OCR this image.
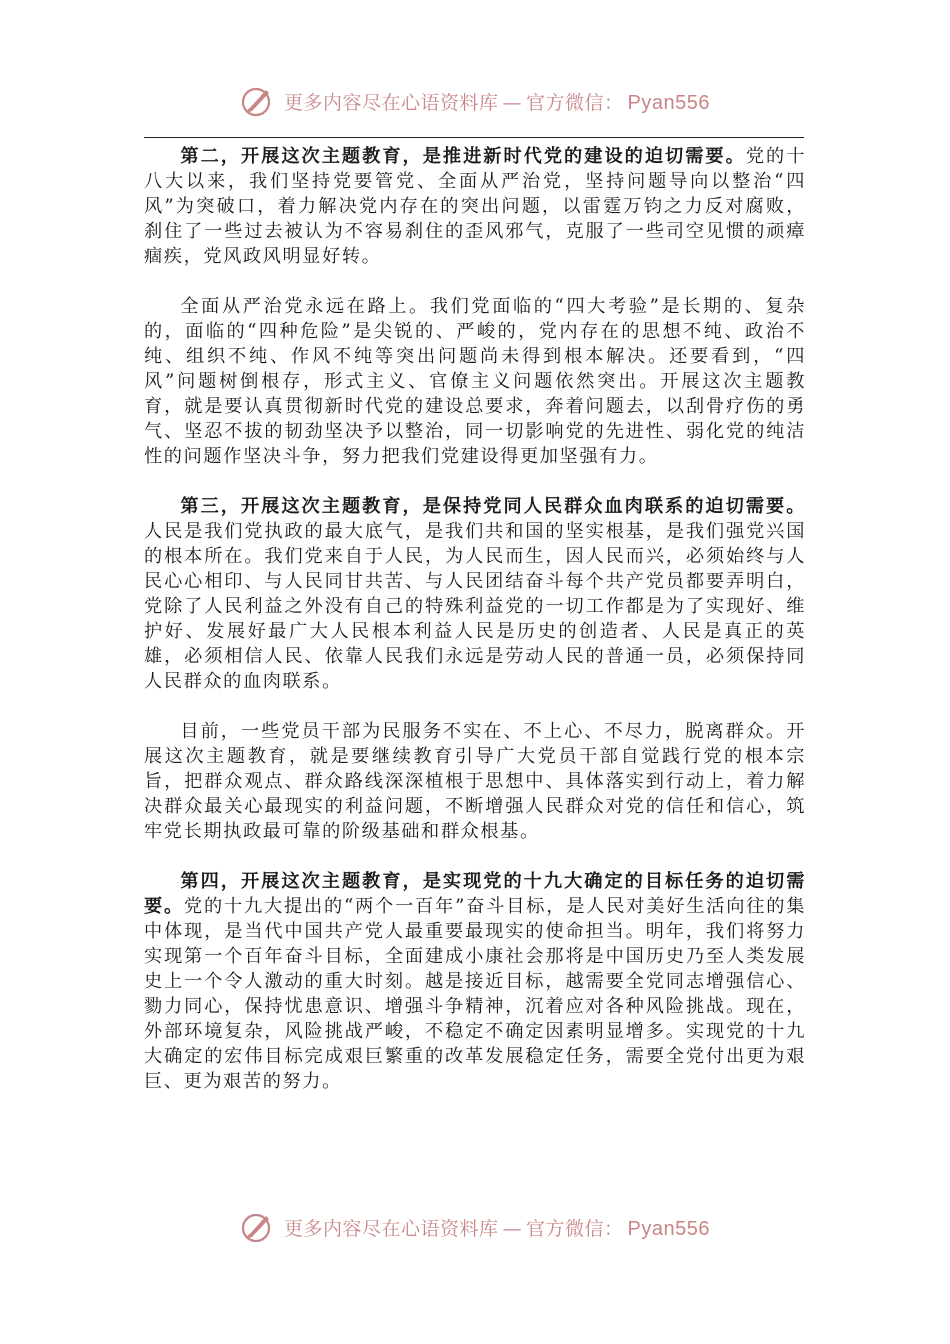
更多内容尽在心语资料库 — 官方微信： Pyan556

第二，开展这次主题教育，是推进新时代党的建设的迫切需要。党的十八大以来，我们坚持党要管党、全面从严治党，坚持问题导向以整治“四风”为突破口，着力解决党内存在的突出问题，以雷霆万钧之力反对腐败，刹住了一些过去被认为不容易刹住的歪风邪气，克服了一些司空见惯的顽瘴痼疾，党风政风明显好转。

全面从严治党永远在路上。我们党面临的“四大考验”是长期的、复杂的，面临的“四种危险”是尖锐的、严峻的，党内存在的思想不纯、政治不纯、组织不纯、作风不纯等突出问题尚未得到根本解决。还要看到，“四风”问题树倒根存，形式主义、官僚主义问题依然突出。开展这次主题教育，就是要认真贯彻新时代党的建设总要求，奔着问题去，以刮骨疗伤的勇气、坚忍不拔的韧劲坚决予以整治，同一切影响党的先进性、弱化党的纯洁性的问题作坚决斗争，努力把我们党建设得更加坚强有力。

第三，开展这次主题教育，是保持党同人民群众血肉联系的迫切需要。人民是我们党执政的最大底气，是我们共和国的坚实根基，是我们强党兴国的根本所在。我们党来自于人民，为人民而生，因人民而兴，必须始终与人民心心相印、与人民同甘共苦、与人民团结奋斗每个共产党员都要弄明白，党除了人民利益之外没有自己的特殊利益党的一切工作都是为了实现好、维护好、发展好最广大人民根本利益人民是历史的创造者、人民是真正的英雄，必须相信人民、依靠人民我们永远是劳动人民的普通一员，必须保持同人民群众的血肉联系。

目前，一些党员干部为民服务不实在、不上心、不尽力，脱离群众。开展这次主题教育，就是要继续教育引导广大党员干部自觉践行党的根本宗旨，把群众观点、群众路线深深植根于思想中、具体落实到行动上，着力解决群众最关心最现实的利益问题，不断增强人民群众对党的信任和信心，筑牢党长期执政最可靠的阶级基础和群众根基。

第四，开展这次主题教育，是实现党的十九大确定的目标任务的迫切需要。党的十九大提出的“两个一百年”奋斗目标，是人民对美好生活向往的集中体现，是当代中国共产党人最重要最现实的使命担当。明年，我们将努力实现第一个百年奋斗目标，全面建成小康社会那将是中国历史乃至人类发展史上一个令人激动的重大时刻。越是接近目标，越需要全党同志增强信心、勠力同心，保持忧患意识、增强斗争精神，沉着应对各种风险挑战。现在，外部环境复杂，风险挑战严峻，不稳定不确定因素明显增多。实现党的十九大确定的宏伟目标完成艰巨繁重的改革发展稳定任务，需要全党付出更为艰巨、更为艰苦的努力。

更多内容尽在心语资料库 — 官方微信： Pyan556
